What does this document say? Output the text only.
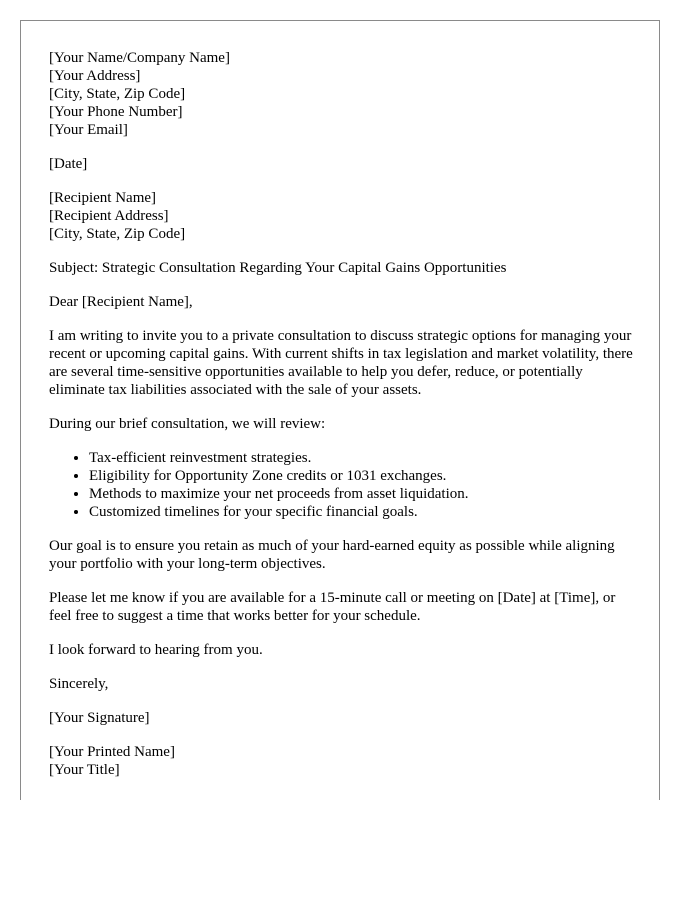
[Your Name/Company Name]
[Your Address]
[City, State, Zip Code]
[Your Phone Number]
[Your Email]
[Date]
[Recipient Name]
[Recipient Address]
[City, State, Zip Code]

Subject: Strategic Consultation Regarding Your Capital Gains Opportunities

Dear [Recipient Name],

I am writing to invite you to a private consultation to discuss strategic options for managing your recent or upcoming capital gains. With current shifts in tax legislation and market volatility, there are several time-sensitive opportunities available to help you defer, reduce, or potentially eliminate tax liabilities associated with the sale of your assets.

During our brief consultation, we will review:

• Tax-efficient reinvestment strategies.
• Eligibility for Opportunity Zone credits or 1031 exchanges.
• Methods to maximize your net proceeds from asset liquidation.
• Customized timelines for your specific financial goals.

Our goal is to ensure you retain as much of your hard-earned equity as possible while aligning your portfolio with your long-term objectives.

Please let me know if you are available for a 15-minute call or meeting on [Date] at [Time], or feel free to suggest a time that works better for your schedule.

I look forward to hearing from you.

Sincerely,

[Your Signature]

[Your Printed Name]
[Your Title]
